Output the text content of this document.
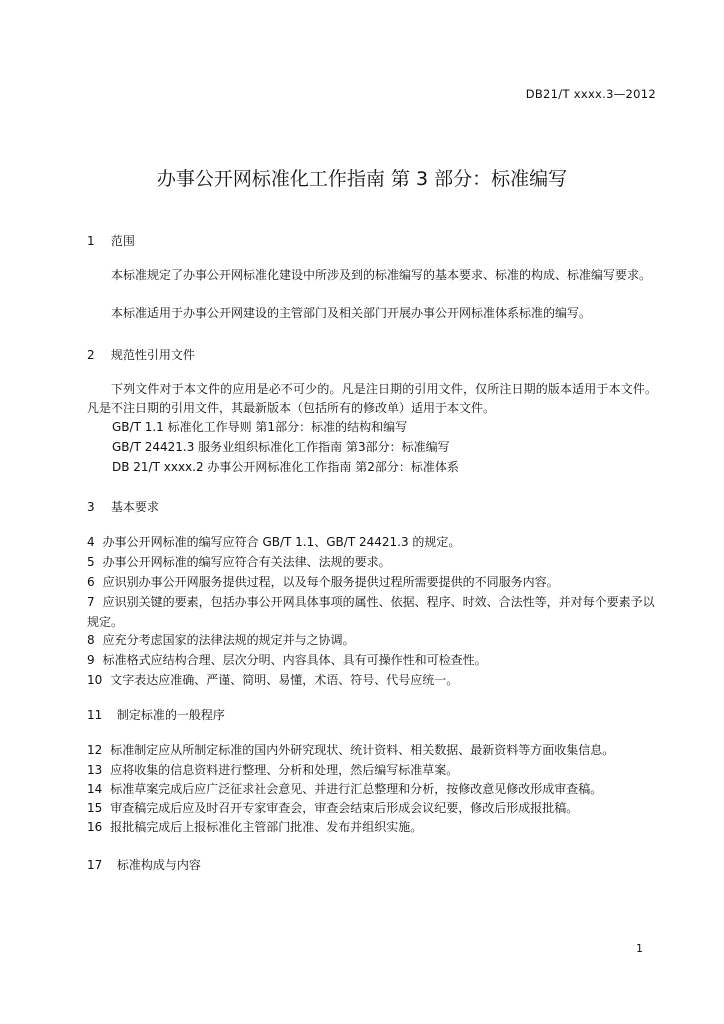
DB21/T xxxx.3—2012
办事公开网标准化工作指南 第 3 部分：标准编写
1 范围
本标准规定了办事公开网标准化建设中所涉及到的标准编写的基本要求、标准的构成、标准编写要求。
本标准适用于办事公开网建设的主管部门及相关部门开展办事公开网标准体系标准的编写。
2 规范性引用文件
下列文件对于本文件的应用是必不可少的。凡是注日期的引用文件，仅所注日期的版本适用于本文件。凡是不注日期的引用文件，其最新版本（包括所有的修改单）适用于本文件。
GB/T 1.1 标准化工作导则 第1部分：标准的结构和编写
GB/T 24421.3 服务业组织标准化工作指南 第3部分：标准编写
DB 21/T xxxx.2 办事公开网标准化工作指南 第2部分：标准体系
3 基本要求
4 办事公开网标准的编写应符合 GB/T 1.1、GB/T 24421.3 的规定。
5 办事公开网标准的编写应符合有关法律、法规的要求。
6 应识别办事公开网服务提供过程，以及每个服务提供过程所需要提供的不同服务内容。
7 应识别关键的要素，包括办事公开网具体事项的属性、依据、程序、时效、合法性等，并对每个要素予以规定。
8 应充分考虑国家的法律法规的规定并与之协调。
9 标准格式应结构合理、层次分明、内容具体、具有可操作性和可检查性。
10 文字表达应准确、严谨、简明、易懂，术语、符号、代号应统一。
11 制定标准的一般程序
12 标准制定应从所制定标准的国内外研究现状、统计资料、相关数据、最新资料等方面收集信息。
13 应将收集的信息资料进行整理、分析和处理，然后编写标准草案。
14 标准草案完成后应广泛征求社会意见、并进行汇总整理和分析，按修改意见修改形成审查稿。
15 审查稿完成后应及时召开专家审查会，审查会结束后形成会议纪要，修改后形成报批稿。
16 报批稿完成后上报标准化主管部门批准、发布并组织实施。
17 标准构成与内容
1
